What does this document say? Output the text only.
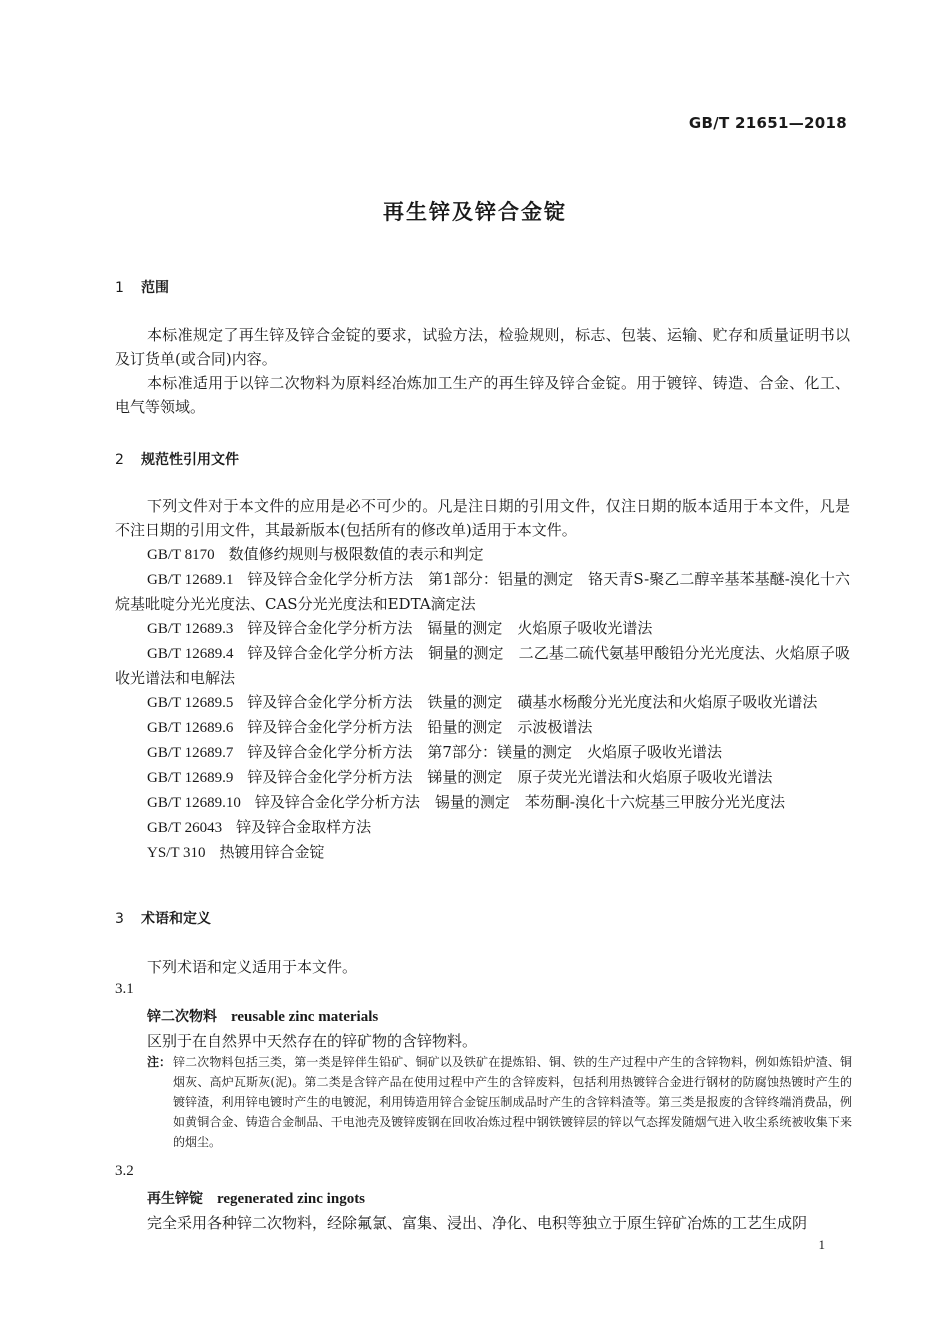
GB/T 21651—2018
再生锌及锌合金锭
1 范围

本标准规定了再生锌及锌合金锭的要求，试验方法，检验规则，标志、包装、运输、贮存和质量证明书以及订货单(或合同)内容。

本标准适用于以锌二次物料为原料经冶炼加工生产的再生锌及锌合金锭。用于镀锌、铸造、合金、化工、电气等领域。

2 规范性引用文件

下列文件对于本文件的应用是必不可少的。凡是注日期的引用文件，仅注日期的版本适用于本文件，凡是不注日期的引用文件，其最新版本(包括所有的修改单)适用于本文件。

GB/T 8170 数值修约规则与极限数值的表示和判定

GB/T 12689.1 锌及锌合金化学分析方法　第1部分：铝量的测定　铬天青S-聚乙二醇辛基苯基醚-溴化十六烷基吡啶分光光度法、CAS分光光度法和EDTA滴定法

GB/T 12689.3 锌及锌合金化学分析方法　镉量的测定　火焰原子吸收光谱法

GB/T 12689.4 锌及锌合金化学分析方法　铜量的测定　二乙基二硫代氨基甲酸铅分光光度法、火焰原子吸收光谱法和电解法

GB/T 12689.5 锌及锌合金化学分析方法　铁量的测定　磺基水杨酸分光光度法和火焰原子吸收光谱法

GB/T 12689.6 锌及锌合金化学分析方法　铅量的测定　示波极谱法

GB/T 12689.7 锌及锌合金化学分析方法　第7部分：镁量的测定　火焰原子吸收光谱法

GB/T 12689.9 锌及锌合金化学分析方法　锑量的测定　原子荧光光谱法和火焰原子吸收光谱法

GB/T 12689.10 锌及锌合金化学分析方法　锡量的测定　苯芴酮-溴化十六烷基三甲胺分光光度法

GB/T 26043 锌及锌合金取样方法

YS/T 310 热镀用锌合金锭

3 术语和定义

下列术语和定义适用于本文件。

3.1
锌二次物料 reusable zinc materials
区别于在自然界中天然存在的锌矿物的含锌物料。
注： 锌二次物料包括三类，第一类是锌伴生铅矿、铜矿以及铁矿在提炼铅、铜、铁的生产过程中产生的含锌物料，例如炼铅炉渣、铜烟灰、高炉瓦斯灰(泥)。第二类是含锌产品在使用过程中产生的含锌废料，包括利用热镀锌合金进行钢材的防腐蚀热镀时产生的镀锌渣，利用锌电镀时产生的电镀泥，利用铸造用锌合金锭压制成品时产生的含锌料渣等。第三类是报废的含锌终端消费品，例如黄铜合金、铸造合金制品、干电池壳及镀锌废钢在回收冶炼过程中钢铁镀锌层的锌以气态挥发随烟气进入收尘系统被收集下来的烟尘。

3.2
再生锌锭 regenerated zinc ingots
完全采用各种锌二次物料，经除氟氯、富集、浸出、净化、电积等独立于原生锌矿冶炼的工艺生成阴
1
